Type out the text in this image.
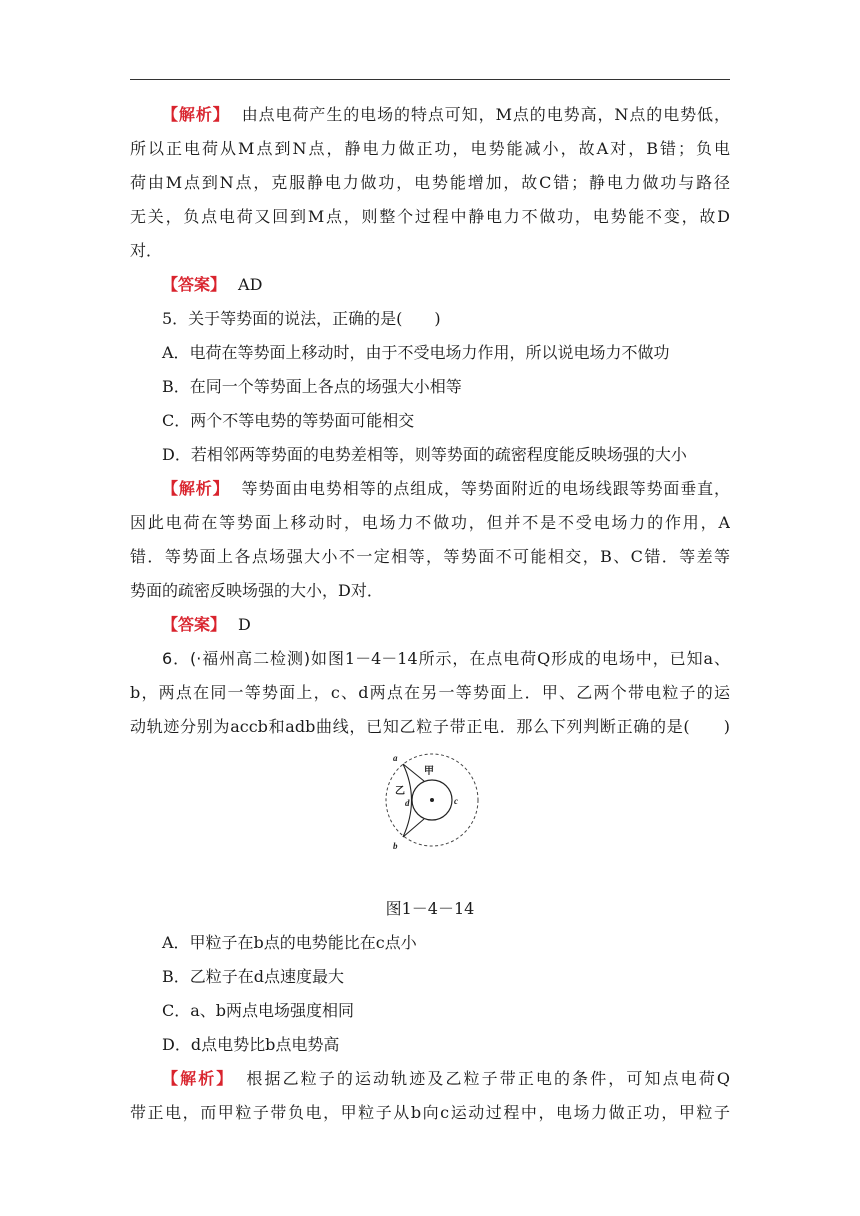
【解析】 由点电荷产生的电场的特点可知，M点的电势高，N点的电势低，
所以正电荷从M点到N点，静电力做正功，电势能减小，故A对，B错；负电
荷由M点到N点，克服静电力做功，电势能增加，故C错；静电力做功与路径
无关，负点电荷又回到M点，则整个过程中静电力不做功，电势能不变，故D
对．
【答案】 AD
5．关于等势面的说法，正确的是(　　)
A．电荷在等势面上移动时，由于不受电场力作用，所以说电场力不做功
B．在同一个等势面上各点的场强大小相等
C．两个不等电势的等势面可能相交
D．若相邻两等势面的电势差相等，则等势面的疏密程度能反映场强的大小
【解析】 等势面由电势相等的点组成，等势面附近的电场线跟等势面垂直，
因此电荷在等势面上移动时，电场力不做功，但并不是不受电场力的作用，A
错．等势面上各点场强大小不一定相等，等势面不可能相交，B、C错．等差等
势面的疏密反映场强的大小，D对．
【答案】 D
6．(·福州高二检测)如图1－4－14所示，在点电荷Q形成的电场中，已知a、
b，两点在同一等势面上，c、d两点在另一等势面上．甲、乙两个带电粒子的运
动轨迹分别为accb和adb曲线，已知乙粒子带正电．那么下列判断正确的是(　　)
a
b
c
d
甲
乙
图1－4－14
A．甲粒子在b点的电势能比在c点小
B．乙粒子在d点速度最大
C．a、b两点电场强度相同
D．d点电势比b点电势高
【解析】 根据乙粒子的运动轨迹及乙粒子带正电的条件，可知点电荷Q
带正电，而甲粒子带负电，甲粒子从b向c运动过程中，电场力做正功，甲粒子
